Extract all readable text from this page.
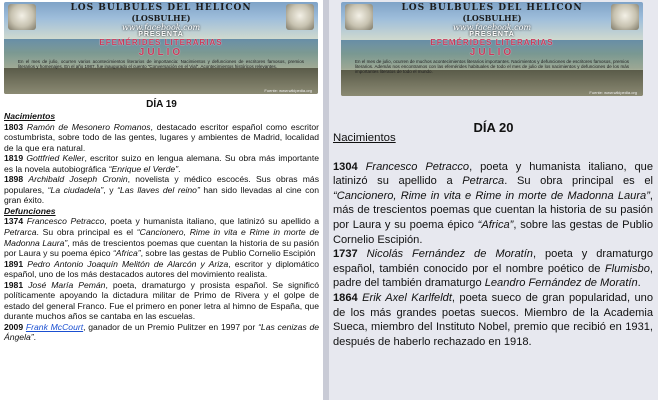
LOS BULBULES DEL HELICÓN
(LOSBULHE)
www.facebook.com
PRESENTA
EFEMÉRIDES LITERARIAS
JULIO
En el mes de julio, ocurren varios acontecimientos literarios de importancia: Nacimientos y defunciones de escritores famosos, premios literarios y homenajes. En el año 1987, fue inaugurado el cuento "Conversación en el Vial". Acontecimientos históricos relevantes.
Fuente: www.wikipedia.org
DÍA 19

Nacimientos

1803 Ramón de Mesonero Romanos, destacado escritor español como escritor costumbrista, sobre todo de las gentes, lugares y ambientes de Madrid, localidad de la que era natural.

1819 Gottfried Keller, escritor suizo en lengua alemana. Su obra más importante es la novela autobiográfica “Enrique el Verde”.

1898 Archibald Joseph Cronin, novelista y médico escocés. Sus obras más populares, “La ciudadela”, y “Las llaves del reino” han sido llevadas al cine con gran éxito.

Defunciones

1374 Francesco Petracco, poeta y humanista italiano, que latinizó su apellido a Petrarca. Su obra principal es el “Cancionero, Rime in vita e Rime in morte de Madonna Laura”, más de trescientos poemas que cuentan la historia de su pasión por Laura y su poema épico “Africa”, sobre las gestas de Publio Cornelio Escipión

1891 Pedro Antonio Joaquín Melitón de Alarcón y Ariza, escritor y diplomático español, uno de los más destacados autores del movimiento realista.

1981 José María Pemán, poeta, dramaturgo y prosista español. Se significó políticamente apoyando la dictadura militar de Primo de Rivera y el golpe de estado del general Franco. Fue el primero en poner letra al himno de España, que durante muchos años se cantaba en las escuelas.

2009 Frank McCourt, ganador de un Premio Pulitzer en 1997 por “Las cenizas de Ángela”.

LOS BULBULES DEL HELICÓN
(LOSBULHE)
www.facebook.com
PRESENTA
EFEMÉRIDES LITERARIAS
JULIO
En el mes de julio, ocurren de muchos acontecimientos literarios importantes. Nacimientos y defunciones de escritores famosos, premios literarios. Además nos encontramos con las efemérides habituales de todo el mes de julio de los nacimientos y defunciones de los más importantes literatos de todo el mundo.
Fuente: www.wikipedia.org
DÍA 20

Nacimientos

1304 Francesco Petracco, poeta y humanista italiano, que latinizó su apellido a Petrarca. Su obra principal es el “Cancionero, Rime in vita e Rime in morte de Madonna Laura”, más de trescientos poemas que cuentan la historia de su pasión por Laura y su poema épico “Africa”, sobre las gestas de Publio Cornelio Escipión.

1737 Nicolás Fernández de Moratín, poeta y dramaturgo español, también conocido por el nombre poético de Flumisbo, padre del también dramaturgo Leandro Fernández de Moratín.

1864 Erik Axel Karlfeldt, poeta sueco de gran popularidad, uno de los más grandes poetas suecos. Miembro de la Academia Sueca, miembro del Instituto Nobel, premio que recibió en 1931, después de haberlo rechazado en 1918.
